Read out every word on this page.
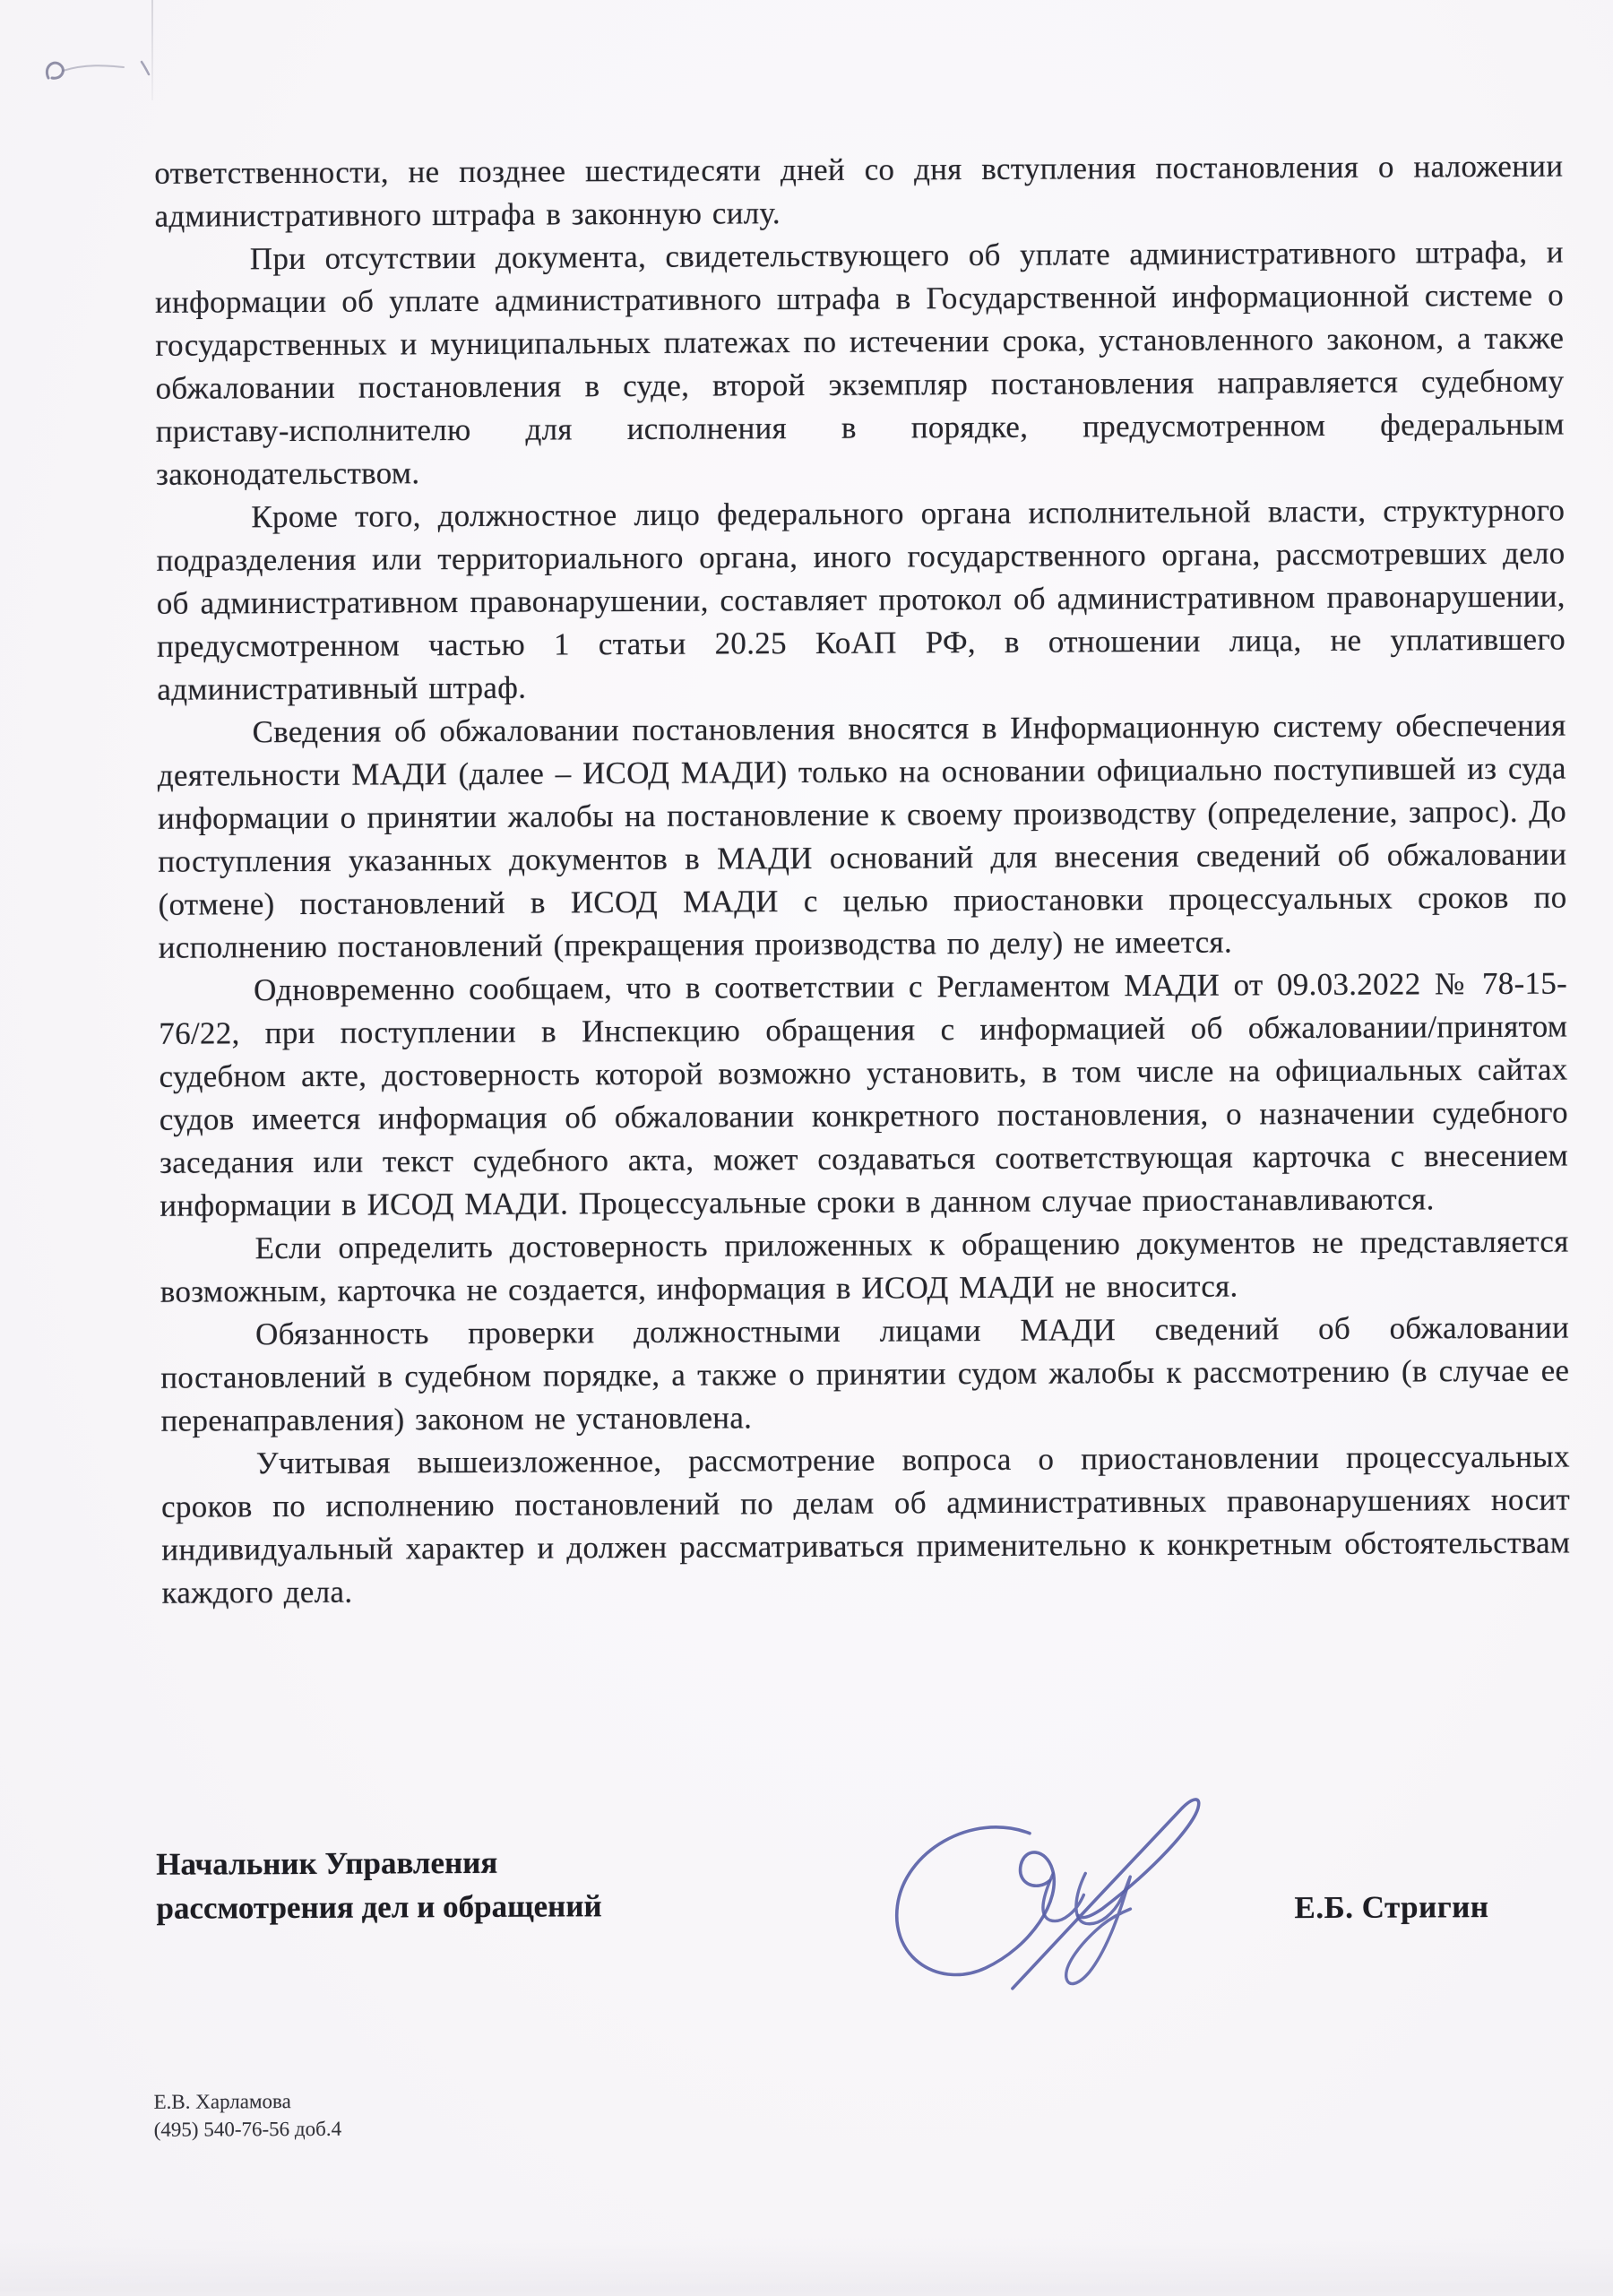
ответственности, не позднее шестидесяти дней со дня вступления постановления о наложении административного штрафа в законную силу.

При отсутствии документа, свидетельствующего об уплате административного штрафа, и информации об уплате административного штрафа в Государственной информационной системе о государственных и муниципальных платежах по истечении срока, установленного законом, а также обжаловании постановления в суде, второй экземпляр постановления направляется судебному приставу-исполнителю для исполнения в порядке, предусмотренном федеральным законодательством.

Кроме того, должностное лицо федерального органа исполнительной власти, структурного подразделения или территориального органа, иного государственного органа, рассмотревших дело об административном правонарушении, составляет протокол об административном правонарушении, предусмотренном частью 1 статьи 20.25 КоАП РФ, в отношении лица, не уплатившего административный штраф.

Сведения об обжаловании постановления вносятся в Информационную систему обеспечения деятельности МАДИ (далее – ИСОД МАДИ) только на основании официально поступившей из суда информации о принятии жалобы на постановление к своему производству (определение, запрос). До поступления указанных документов в МАДИ оснований для внесения сведений об обжаловании (отмене) постановлений в ИСОД МАДИ с целью приостановки процессуальных сроков по исполнению постановлений (прекращения производства по делу) не имеется.

Одновременно сообщаем, что в соответствии с Регламентом МАДИ от 09.03.2022 № 78-15-76/22, при поступлении в Инспекцию обращения с информацией об обжаловании/принятом судебном акте, достоверность которой возможно установить, в том числе на официальных сайтах судов имеется информация об обжаловании конкретного постановления, о назначении судебного заседания или текст судебного акта, может создаваться соответствующая карточка с внесением информации в ИСОД МАДИ. Процессуальные сроки в данном случае приостанавливаются.

Если определить достоверность приложенных к обращению документов не представляется возможным, карточка не создается, информация в ИСОД МАДИ не вносится.

Обязанность проверки должностными лицами МАДИ сведений об обжаловании постановлений в судебном порядке, а также о принятии судом жалобы к рассмотрению (в случае ее перенаправления) законом не установлена.

Учитывая вышеизложенное, рассмотрение вопроса о приостановлении процессуальных сроков по исполнению постановлений по делам об административных правонарушениях носит индивидуальный характер и должен рассматриваться применительно к конкретным обстоятельствам каждого дела.

Начальник Управления
рассмотрения дел и обращений	Е.Б. Стригин
Е.В. Харламова
(495) 540-76-56 доб.4
